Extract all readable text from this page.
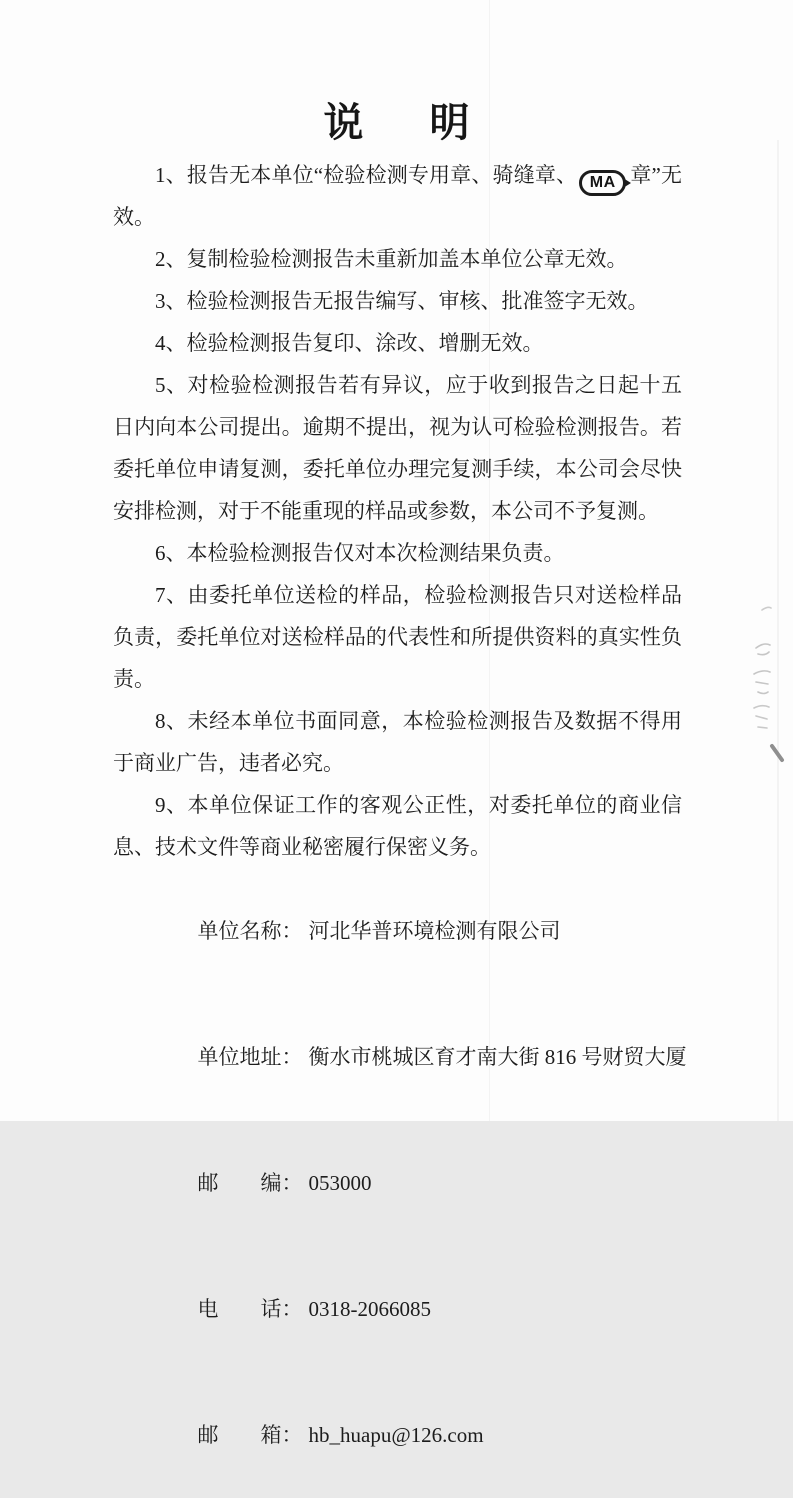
说 明

1、报告无本单位“检验检测专用章、骑缝章、 MA 章”无效。

2、复制检验检测报告未重新加盖本单位公章无效。

3、检验检测报告无报告编写、审核、批准签字无效。

4、检验检测报告复印、涂改、增删无效。

5、对检验检测报告若有异议，应于收到报告之日起十五日内向本公司提出。逾期不提出，视为认可检验检测报告。若委托单位申请复测，委托单位办理完复测手续，本公司会尽快安排检测，对于不能重现的样品或参数，本公司不予复测。

6、本检验检测报告仅对本次检测结果负责。

7、由委托单位送检的样品，检验检测报告只对送检样品负责，委托单位对送检样品的代表性和所提供资料的真实性负责。

8、未经本单位书面同意，本检验检测报告及数据不得用于商业广告，违者必究。

9、本单位保证工作的客观公正性，对委托单位的商业信息、技术文件等商业秘密履行保密义务。

单位名称： 河北华普环境检测有限公司

单位地址： 衡水市桃城区育才南大街 816 号财贸大厦

邮　　编： 053000

电　　话： 0318-2066085

邮　　箱： hb_huapu@126.com
